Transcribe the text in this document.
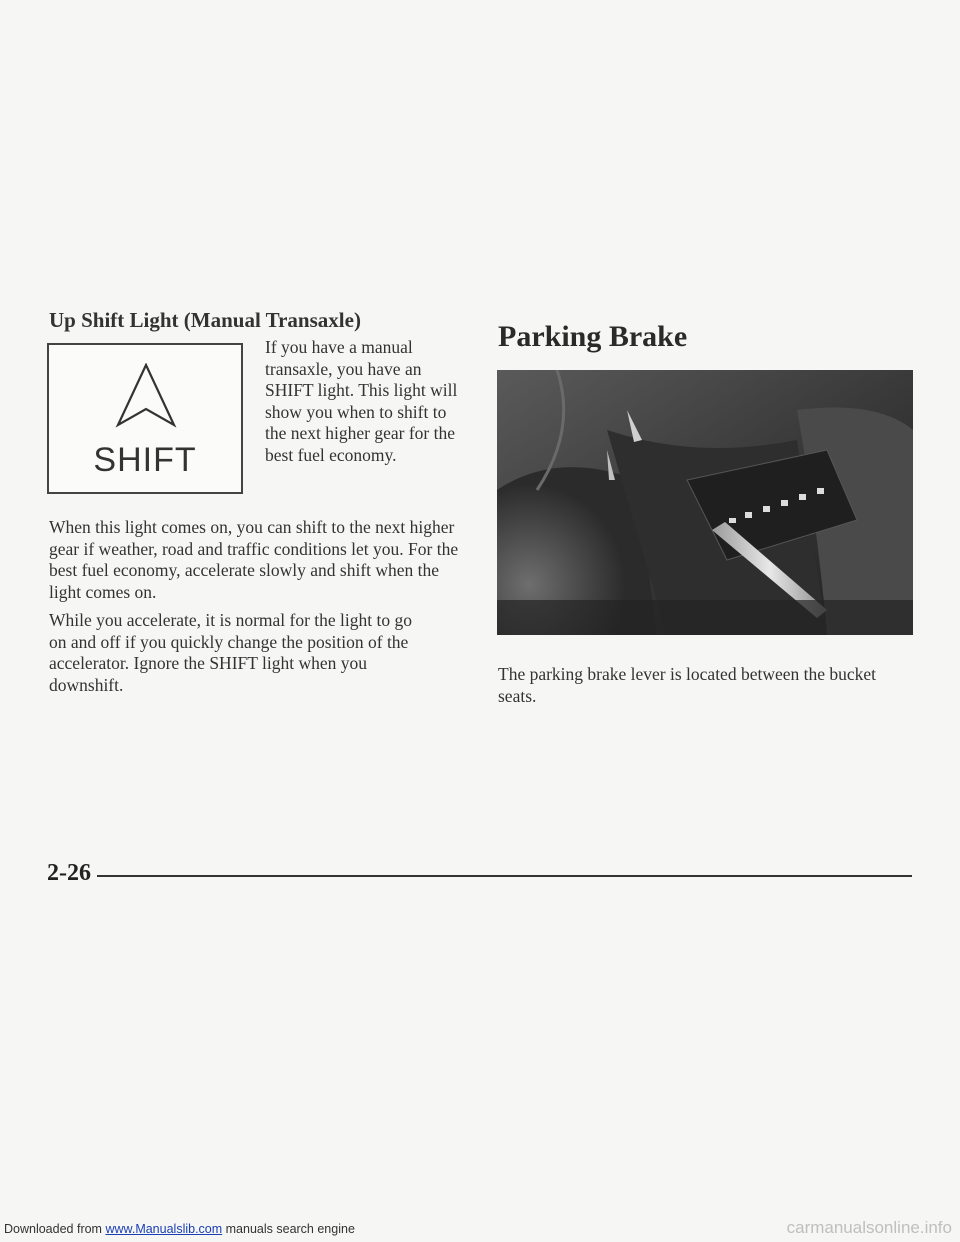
Up Shift Light (Manual Transaxle)	Parking Brake
SHIFT
If you have a manual transaxle, you have an SHIFT light. This light will show you when to shift to the next higher gear for the best fuel economy.

When this light comes on, you can shift to the next higher gear if weather, road and traffic conditions let you. For the best fuel economy, accelerate slowly and shift when the light comes on.

While you accelerate, it is normal for the light to go on and off if you quickly change the position of the accelerator. Ignore the SHIFT light when you downshift.

The parking brake lever is located between the bucket seats.
2-26
Downloaded from www.Manualslib.com manuals search engine	carmanualsonline.info
